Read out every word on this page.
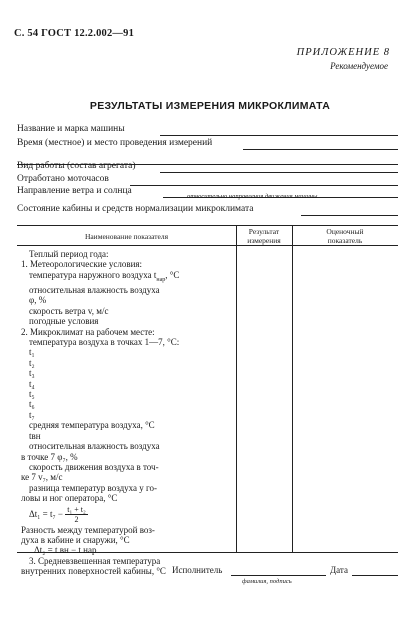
С. 54 ГОСТ 12.2.002—91
ПРИЛОЖЕНИЕ 8
Рекомендуемое
РЕЗУЛЬТАТЫ ИЗМЕРЕНИЯ МИКРОКЛИМАТА
Название и марка машины
Время (местное) и место проведения измерений
Вид работы (состав агрегата)
Отработано моточасов
Направление ветра и солнца
относительно направления движения машины
Состояние кабины и средств нормализации микроклимата
Наименование показателя
Результат
измерения
Оценочный
показатель
Теплый период года:
1. Метеорологические условия:
температура наружного воздуха $t_{нар}$, °С
относительная влажность воздуха
φ, %
скорость ветра v, м/с
погодные условия
2. Микроклимат на рабочем месте:
температура воздуха в точках 1—7, °С:
t₁
t₂
t₃
t₄
t₅
t₆
t₇
средняя температура воздуха, °С
tвн
относительная влажность воздуха
в точке 7 φ₇, %
скорость движения воздуха в точ-
ке 7 v₇, м/с
разница температур воздуха у го-
ловы и ног оператора, °С
$\Delta t_1 = t_7 - \frac{\text{t₁ + t₂}}{2}$
Разность между температурой воз-
духа в кабине и снаружи, °С
Δt₂ = t вн − t нар
3. Средневзвешенная температура
внутренних поверхностей кабины, °С Исполнитель	Дата
фамилия, подпись
